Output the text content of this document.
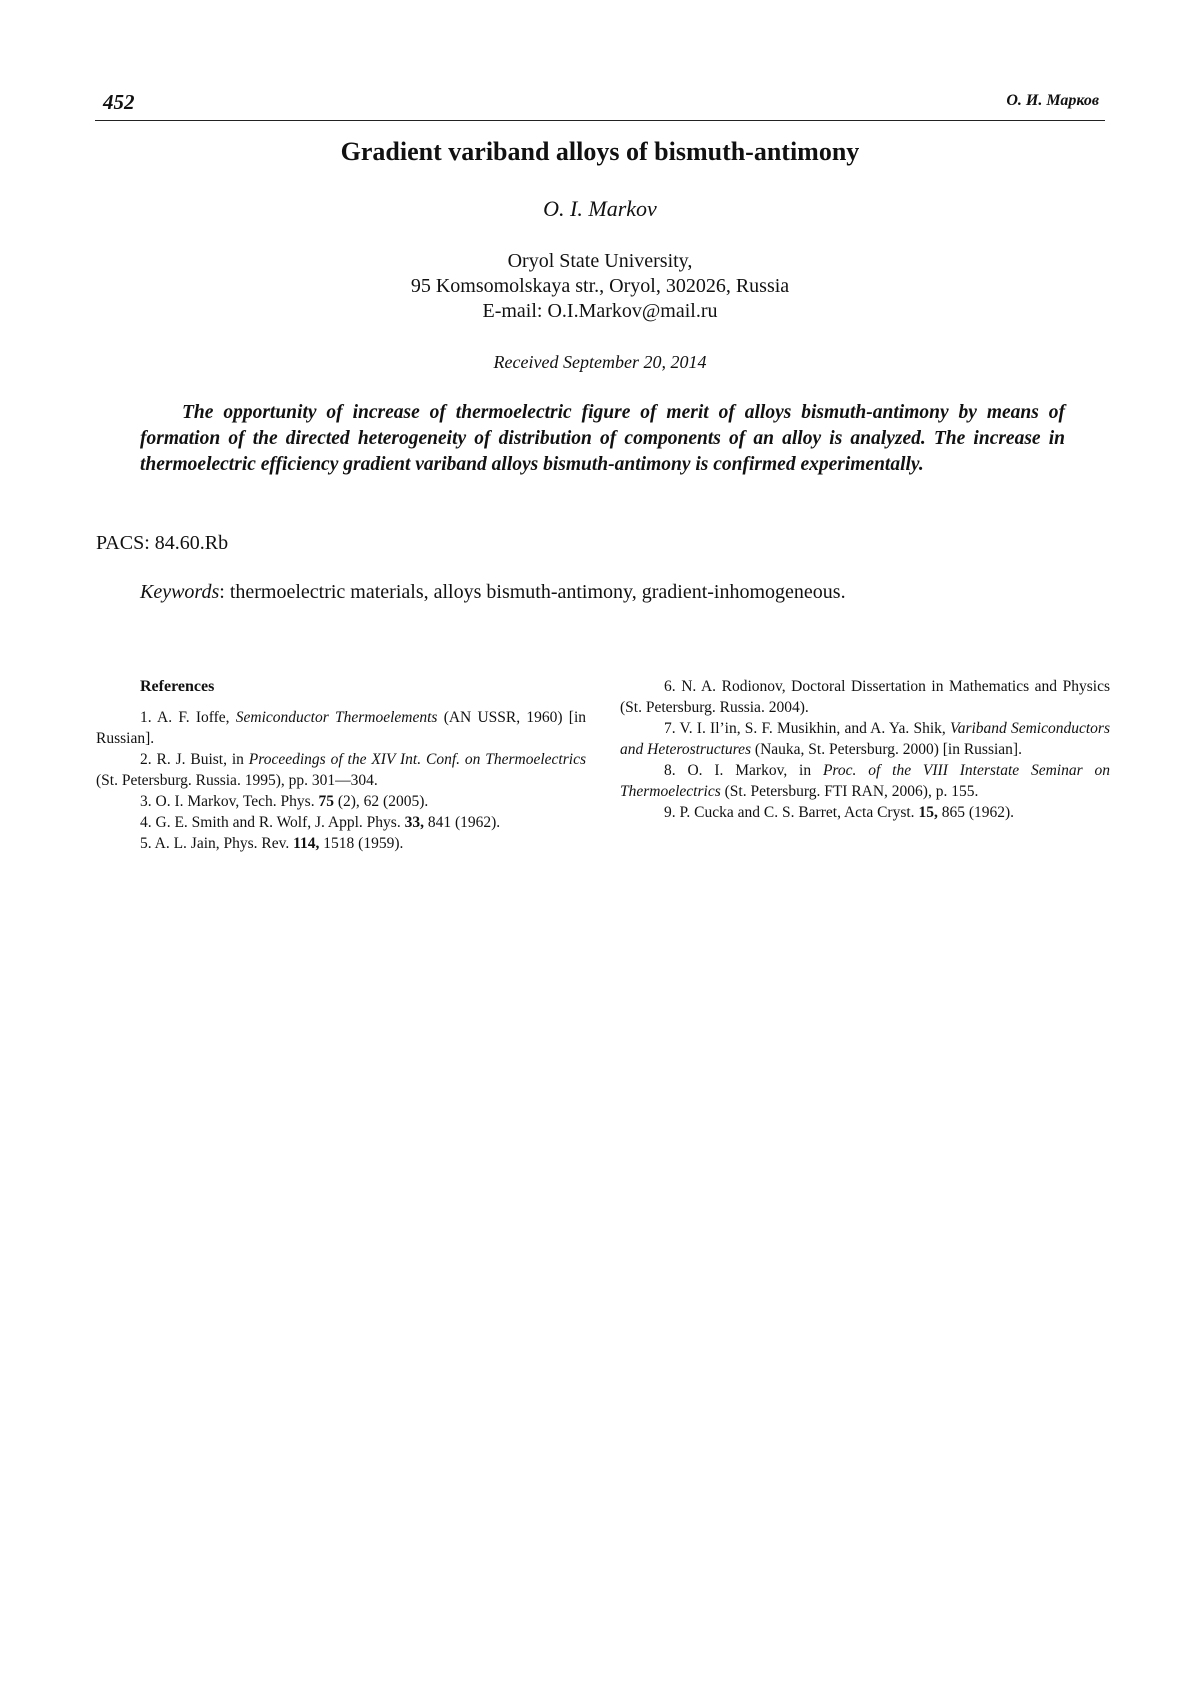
452	О. И. Марков
Gradient variband alloys of bismuth-antimony
O. I. Markov
Oryol State University,
95 Komsomolskaya str., Oryol, 302026, Russia
E-mail: O.I.Markov@mail.ru
Received September 20, 2014

The opportunity of increase of thermoelectric figure of merit of alloys bismuth-antimony by means of formation of the directed heterogeneity of distribution of components of an alloy is analyzed. The increase in thermoelectric efficiency gradient variband alloys bismuth-antimony is confirmed experimentally.

PACS: 84.60.Rb
Keywords: thermoelectric materials, alloys bismuth-antimony, gradient-inhomogeneous.
References

1. A. F. Ioffe, Semiconductor Thermoelements (AN USSR, 1960) [in Russian].

2. R. J. Buist, in Proceedings of the XIV Int. Conf. on Thermoelectrics (St. Petersburg. Russia. 1995), pp. 301—304.

3. O. I. Markov, Tech. Phys. 75 (2), 62 (2005).

4. G. E. Smith and R. Wolf, J. Appl. Phys. 33, 841 (1962).

5. A. L. Jain, Phys. Rev. 114, 1518 (1959).

6. N. A. Rodionov, Doctoral Dissertation in Mathematics and Physics (St. Petersburg. Russia. 2004).

7. V. I. Il’in, S. F. Musikhin, and A. Ya. Shik, Variband Semiconductors and Heterostructures (Nauka, St. Petersburg. 2000) [in Russian].

8. O. I. Markov, in Proc. of the VIII Interstate Seminar on Thermoelectrics (St. Petersburg. FTI RAN, 2006), p. 155.

9. P. Cucka and C. S. Barret, Acta Cryst. 15, 865 (1962).
